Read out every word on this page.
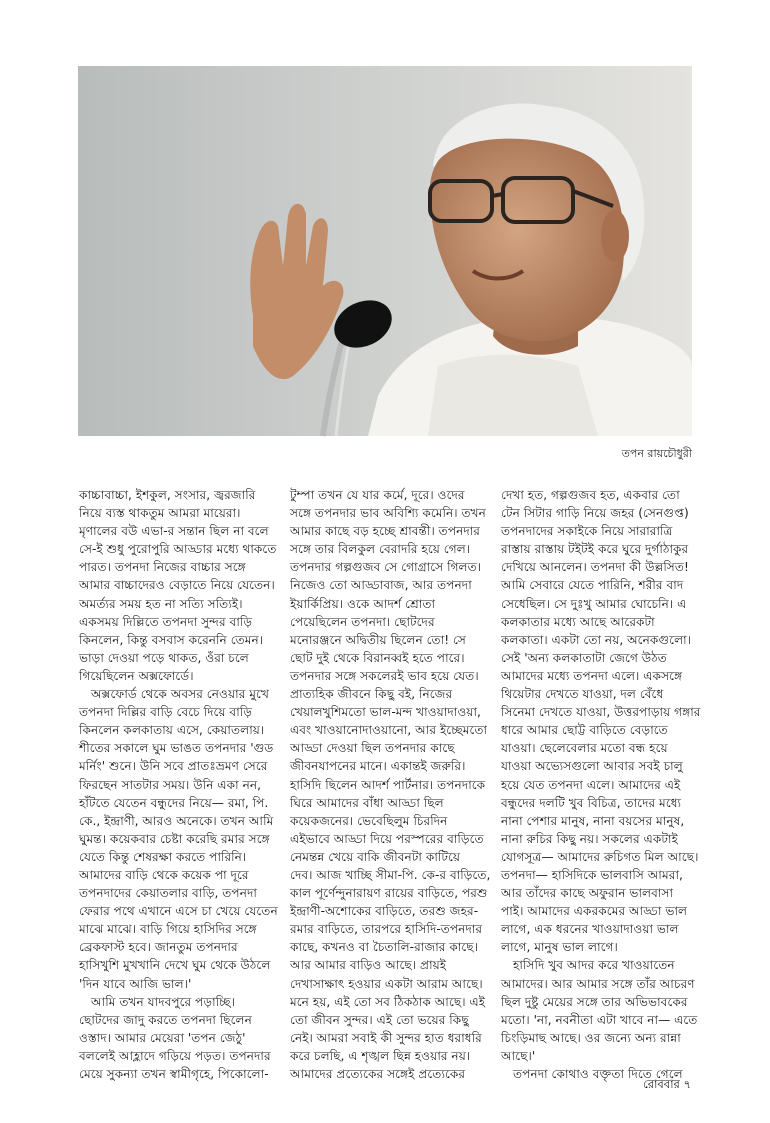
তপন রায়চৌধুরী
কাচ্চাবাচ্চা, ইশকুল, সংসার, জ্বরজারি
নিয়ে ব্যস্ত থাকতুম আমরা মায়েরা।
মৃণালের বউ এভা-র সন্তান ছিল না বলে
সে-ই শুধু পুরোপুরি আড্ডার মধ্যে থাকতে
পারত। তপনদা নিজের বাচ্চার সঙ্গে
আমার বাচ্চাদেরও বেড়াতে নিয়ে যেতেন।
অমর্ত্যর সময় হত না সত্যি সত্যিই।
একসময় দিল্লিতে তপনদা সুন্দর বাড়ি
কিনলেন, কিন্তু বসবাস করেননি তেমন।
ভাড়া দেওয়া পড়ে থাকত, ওঁরা চলে
গিয়েছিলেন অক্সফোর্ডে।
অক্সফোর্ড থেকে অবসর নেওয়ার মুখে
তপনদা দিল্লির বাড়ি বেচে দিয়ে বাড়ি
কিনলেন কলকাতায় এসে, কেয়াতলায়।
শীতের সকালে ঘুম ভাঙত তপনদার 'গুড
মর্নিং' শুনে। উনি সবে প্রাতঃভ্রমণ সেরে
ফিরছেন সাতটার সময়। উনি একা নন,
হাঁটতে যেতেন বন্ধুদের নিয়ে— রমা, পি.
কে., ইন্দ্রাণী, আরও অনেকে। তখন আমি
ঘুমন্ত। কয়েকবার চেষ্টা করেছি রমার সঙ্গে
যেতে কিন্তু শেষরক্ষা করতে পারিনি।
আমাদের বাড়ি থেকে কয়েক পা দূরে
তপনদাদের কেয়াতলার বাড়ি, তপনদা
ফেরার পথে এখানে এসে চা খেয়ে যেতেন
মাঝে মাঝে। বাড়ি গিয়ে হাসিদির সঙ্গে
ব্রেকফাস্ট হবে। জানতুম তপনদার
হাসিখুশি মুখখানি দেখে ঘুম থেকে উঠলে
'দিন যাবে আজি ভাল।'
আমি তখন যাদবপুরে পড়াচ্ছি।
ছোটদের জাদু করতে তপনদা ছিলেন
ওস্তাদ। আমার মেয়েরা 'তপন জেঠু'
বললেই আহ্লাদে গড়িয়ে পড়ত। তপনদার
মেয়ে সুকন্যা তখন স্বামীগৃহে, পিকোলো-
টুম্পা তখন যে যার কর্মে, দূরে। ওদের
সঙ্গে তপনদার ভাব অবিশ্যি কমেনি। তখন
আমার কাছে বড় হচ্ছে শ্রাবন্তী। তপনদার
সঙ্গে তার বিলকুল বেরাদরি হয়ে গেল।
তপনদার গল্পগুজব সে গোগ্রাসে গিলত।
নিজেও তো আড্ডাবাজ, আর তপনদা
ইয়ার্কিপ্রিয়। ওকে আদর্শ শ্রোতা
পেয়েছিলেন তপনদা। ছোটদের
মনোরঞ্জনে অদ্বিতীয় ছিলেন তো! সে
ছোট দুই থেকে বিরানব্বই হতে পারে।
তপনদার সঙ্গে সকলেরই ভাব হয়ে যেত।
প্রাত্যহিক জীবনে কিছু বই, নিজের
খেয়ালখুশিমতো ভাল-মন্দ খাওয়াদাওয়া,
এবং খাওয়ানোদাওয়ানো, আর ইচ্ছেমতো
আড্ডা দেওয়া ছিল তপনদার কাছে
জীবনযাপনের মানে। একান্তই জরুরি।
হাসিদি ছিলেন আদর্শ পার্টনার। তপনদাকে
ঘিরে আমাদের বাঁধা আড্ডা ছিল
কয়েকজনের। ভেবেছিলুম চিরদিন
এইভাবে আড্ডা দিয়ে পরস্পরের বাড়িতে
নেমন্তন্ন খেয়ে বাকি জীবনটা কাটিয়ে
দেব। আজ খাচ্ছি সীমা-পি. কে-র বাড়িতে,
কাল পূর্ণেন্দুনারায়ণ রায়ের বাড়িতে, পরশু
ইন্দ্রাণী-অশোকের বাড়িতে, তরশু জহর-
রমার বাড়িতে, তারপরে হাসিদি-তপনদার
কাছে, কখনও বা চৈতালি-রাজার কাছে।
আর আমার বাড়িও আছে। প্রায়ই
দেখাসাক্ষাৎ হওয়ার একটা আরাম আছে।
মনে হয়, এই তো সব ঠিকঠাক আছে। এই
তো জীবন সুন্দর। এই তো ভয়ের কিছু
নেই। আমরা সবাই কী সুন্দর হাত ধরাধরি
করে চলছি, এ শৃঙ্খল ছিন্ন হওয়ার নয়।
আমাদের প্রত্যেকের সঙ্গেই প্রত্যেকের
দেখা হত, গল্পগুজব হত, একবার তো
টেন সিটার গাড়ি নিয়ে জহর (সেনগুপ্ত)
তপনদাদের সকাইকে নিয়ে সারারাত্রি
রাস্তায় রাস্তায় টইটই করে ঘুরে দুর্গাঠাকুর
দেখিয়ে আনলেন। তপনদা কী উল্লসিত!
আমি সেবারে যেতে পারিনি, শরীর বাদ
সেধেছিল। সে দুঃখু আমার ঘোচেনি। এ
কলকাতার মধ্যে আছে আরেকটা
কলকাতা। একটা তো নয়, অনেকগুলো।
সেই 'অন্য কলকাতাটা জেগে উঠত
আমাদের মধ্যে তপনদা এলে। একসঙ্গে
থিয়েটার দেখতে যাওয়া, দল বেঁধে
সিনেমা দেখতে যাওয়া, উত্তরপাড়ায় গঙ্গার
ধারে আমার ছোট্ট বাড়িতে বেড়াতে
যাওয়া। ছেলেবেলার মতো বন্ধ হয়ে
যাওয়া অভ্যেসগুলো আবার সবই চালু
হয়ে যেত তপনদা এলে। আমাদের এই
বন্ধুদের দলটি খুব বিচিত্র, তাদের মধ্যে
নানা পেশার মানুষ, নানা বয়সের মানুষ,
নানা রুচির কিছু নয়। সকলের একটাই
যোগসূত্র— আমাদের রুচিগত মিল আছে।
তপনদা— হাসিদিকে ভালবাসি আমরা,
আর তাঁদের কাছে অফুরান ভালবাসা
পাই। আমাদের একরকমের আড্ডা ভাল
লাগে, এক ধরনের খাওয়াদাওয়া ভাল
লাগে, মানুষ ভাল লাগে।
হাসিদি খুব আদর করে খাওয়াতেন
আমাদের। আর আমার সঙ্গে তাঁর আচরণ
ছিল দুষ্টু মেয়ের সঙ্গে তার অভিভাবকের
মতো। 'না, নবনীতা এটা খাবে না— এতে
চিংড়িমাছ আছে। ওর জন্যে অন্য রান্না
আছে।'
তপনদা কোথাও বক্তৃতা দিতে গেলে
রোববার ৭
